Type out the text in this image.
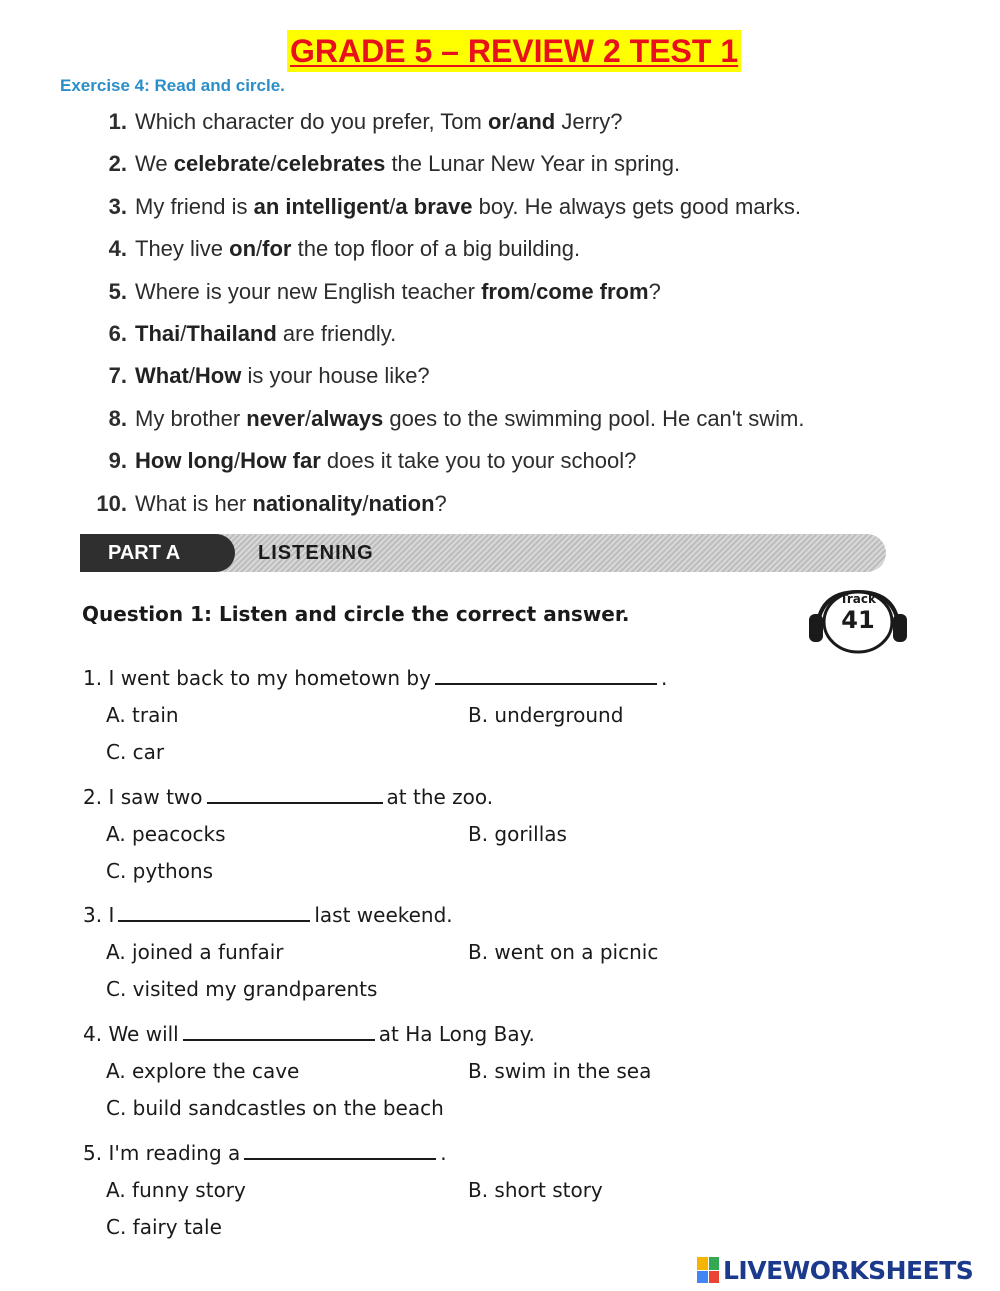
GRADE 5 – REVIEW 2 TEST 1
Exercise 4: Read and circle.
1. Which character do you prefer, Tom or/and Jerry?
2. We celebrate/celebrates the Lunar New Year in spring.
3. My friend is an intelligent/a brave boy. He always gets good marks.
4. They live on/for the top floor of a big building.
5. Where is your new English teacher from/come from?
6. Thai/Thailand are friendly.
7. What/How is your house like?
8. My brother never/always goes to the swimming pool. He can't swim.
9. How long/How far does it take you to your school?
10. What is her nationality/nation?
PART A	LISTENING
Question 1: Listen and circle the correct answer.
Track
41
1. I went back to my hometown by	.
A. train	B. underground
C. car
2. I saw two	at the zoo.
A. peacocks	B. gorillas
C. pythons
3. I	last weekend.
A. joined a funfair	B. went on a picnic
C. visited my grandparents
4. We will	at Ha Long Bay.
A. explore the cave	B. swim in the sea
C. build sandcastles on the beach
5. I'm reading a	.
A. funny story	B. short story
C. fairy tale
LIVEWORKSHEETS
